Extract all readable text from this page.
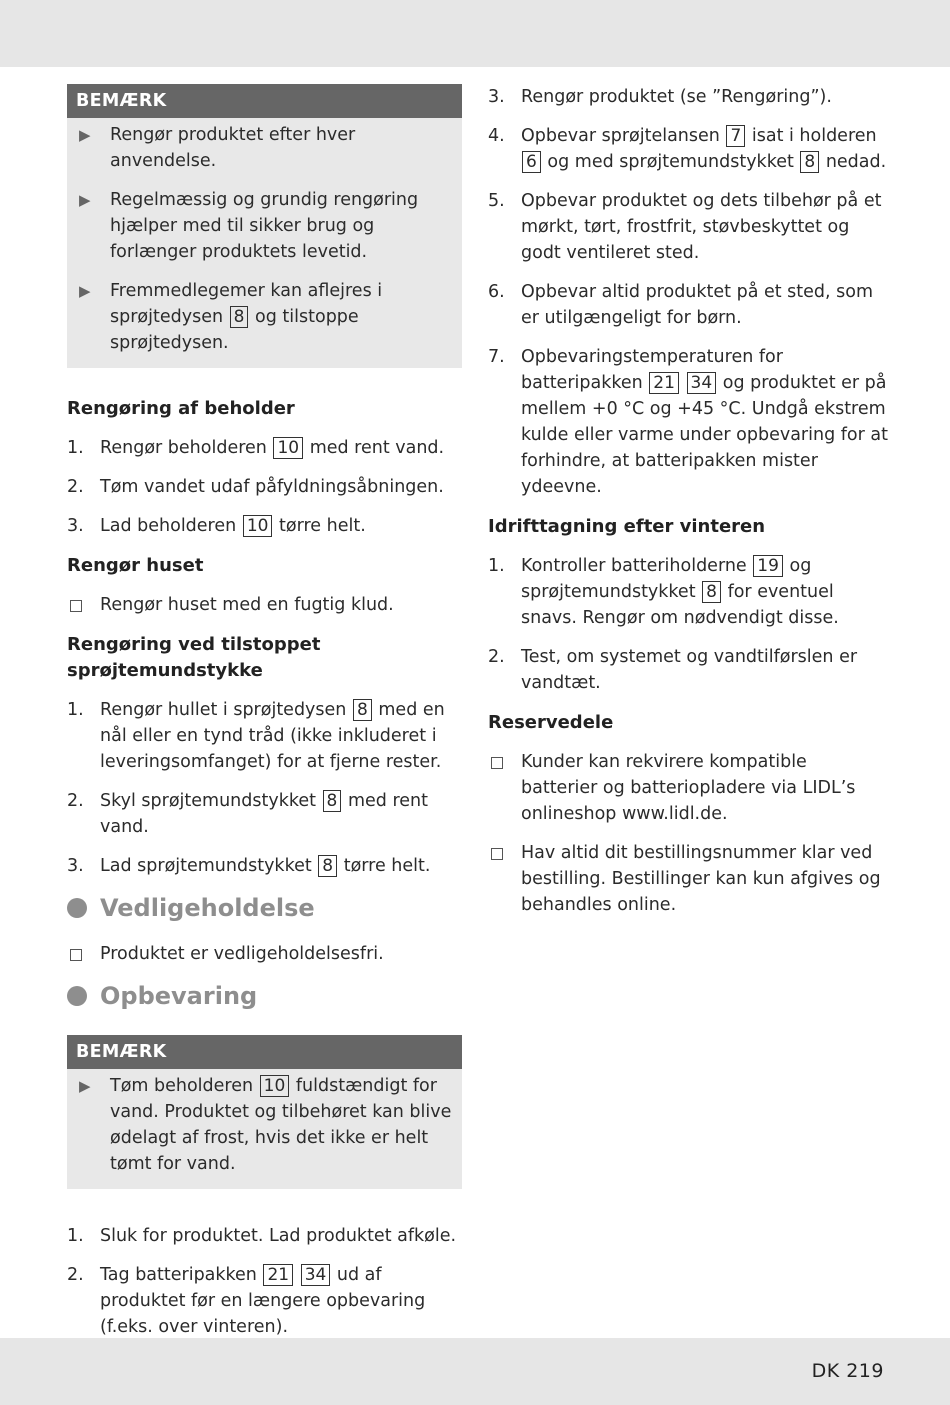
BEMÆRK
▶	Rengør produktet efter hver anvendelse.
▶	Regelmæssig og grundig rengøring hjælper med til sikker brug og forlænger produktets levetid.
▶	Fremmedlegemer kan aflejres i sprøjtedysen 8 og tilstoppe sprøjtedysen.
Rengøring af beholder
1. Rengør beholderen 10 med rent vand.
2. Tøm vandet udaf påfyldningsåbningen.
3. Lad beholderen 10 tørre helt.
Rengør huset
Rengør huset med en fugtig klud.
Rengøring ved tilstoppet sprøjtemundstykke
1. Rengør hullet i sprøjtedysen 8 med en nål eller en tynd tråd (ikke inkluderet i leveringsomfanget) for at fjerne rester.
2. Skyl sprøjtemundstykket 8 med rent vand.
3. Lad sprøjtemundstykket 8 tørre helt.
Vedligeholdelse
Produktet er vedligeholdelsesfri.
Opbevaring
BEMÆRK
▶	Tøm beholderen 10 fuldstændigt for vand. Produktet og tilbehøret kan blive ødelagt af frost, hvis det ikke er helt tømt for vand.
1. Sluk for produktet. Lad produktet afkøle.
2. Tag batteripakken 21 34 ud af produktet før en længere opbevaring (f.eks. over vinteren).
3. Rengør produktet (se ”Rengøring”).
4. Opbevar sprøjtelansen 7 isat i holderen 6 og med sprøjtemundstykket 8 nedad.
5. Opbevar produktet og dets tilbehør på et mørkt, tørt, frostfrit, støvbeskyttet og godt ventileret sted.
6. Opbevar altid produktet på et sted, som er utilgængeligt for børn.
7. Opbevaringstemperaturen for batteripakken 21 34 og produktet er på mellem +0 °C og +45 °C. Undgå ekstrem kulde eller varme under opbevaring for at forhindre, at batteripakken mister ydeevne.
Idrifttagning efter vinteren
1. Kontroller batteriholderne 19 og sprøjtemundstykket 8 for eventuel snavs. Rengør om nødvendigt disse.
2. Test, om systemet og vandtilførslen er vandtæt.
Reservedele
Kunder kan rekvirere kompatible batterier og batteriopladere via LIDL’s onlineshop www.lidl.de.
Hav altid dit bestillingsnummer klar ved bestilling. Bestillinger kan kun afgives og behandles online.
DK 219
